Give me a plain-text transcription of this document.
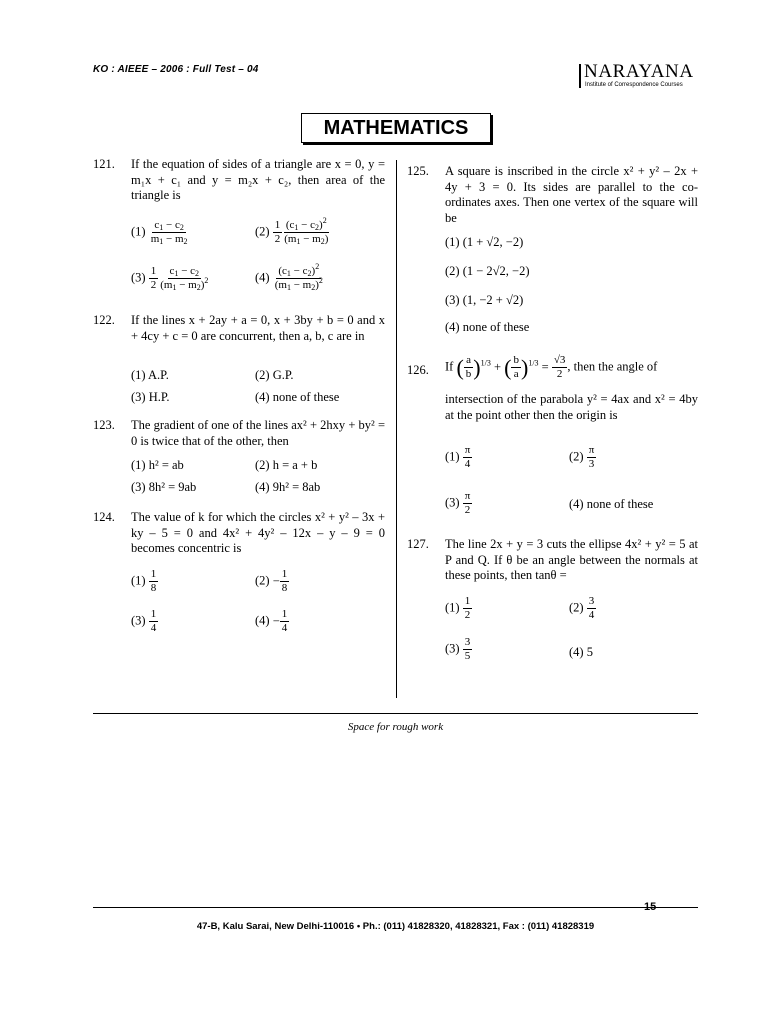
KO : AIEEE – 2006 : Full Test – 04	NARAYANA
Institute of Correspondence Courses
MATHEMATICS
121. If the equation of sides of a triangle are x = 0, y = m₁x + c₁ and y = m₂x + c₂, then area of the triangle is
$(1) \frac{c_1 - c_2}{m_1 - m_2}$	$(2) \frac{1}{2} \frac{(c_1 - c_2)^2}{(m_1 - m_2)}$
$(3) \frac{1}{2} \frac{c_1 - c_2}{(m_1 - m_2)^2}$	$(4) \frac{(c_1 - c_2)^2}{(m_1 - m_2)^2}$
122. If the lines x + 2ay + a = 0, x + 3by + b = 0 and x + 4cy + c = 0 are concurrent, then a, b, c are in
(1) A.P.	(2) G.P.
(3) H.P.	(4) none of these
123. The gradient of one of the lines ax² + 2hxy + by² = 0 is twice that of the other, then
(1) h² = ab	(2) h = a + b
(3) 8h² = 9ab	(4) 9h² = 8ab
124. The value of k for which the circles x² + y² – 3x + ky – 5 = 0 and 4x² + 4y² – 12x – y – 9 = 0 becomes concentric is
$(1) \frac{1}{8}$	$(2) - \frac{1}{8}$
$(3) \frac{1}{4}$	$(4) - \frac{1}{4}$
125. A square is inscribed in the circle x² + y² – 2x + 4y + 3 = 0. Its sides are parallel to the co-ordinates axes. Then one vertex of the square will be
(1) (1 + √2, −2)
(2) (1 − 2√2, −2)
(3) (1, −2 + √2)
(4) none of these
126. If ( $\frac{a}{b} )^{1/3}$ + ( $\frac{b}{a} )^{1/3} = \frac{√3}{2}$ , then the angle of
intersection of the parabola y² = 4ax and x² = 4by at the point other then the origin is
$(1) \frac{\pi}{4}$	$(2) \frac{\pi}{3}$
$(3) \frac{\pi}{2}$	(4) none of these
127. The line 2x + y = 3 cuts the ellipse 4x² + y² = 5 at P and Q. If θ be an angle between the normals at these points, then tanθ =
$(1) \frac{1}{2}$	$(2) \frac{3}{4}$
$(3) \frac{3}{5}$	(4) 5
Space for rough work
15
47-B, Kalu Sarai, New Delhi-110016 • Ph.: (011) 41828320, 41828321, Fax : (011) 41828319
